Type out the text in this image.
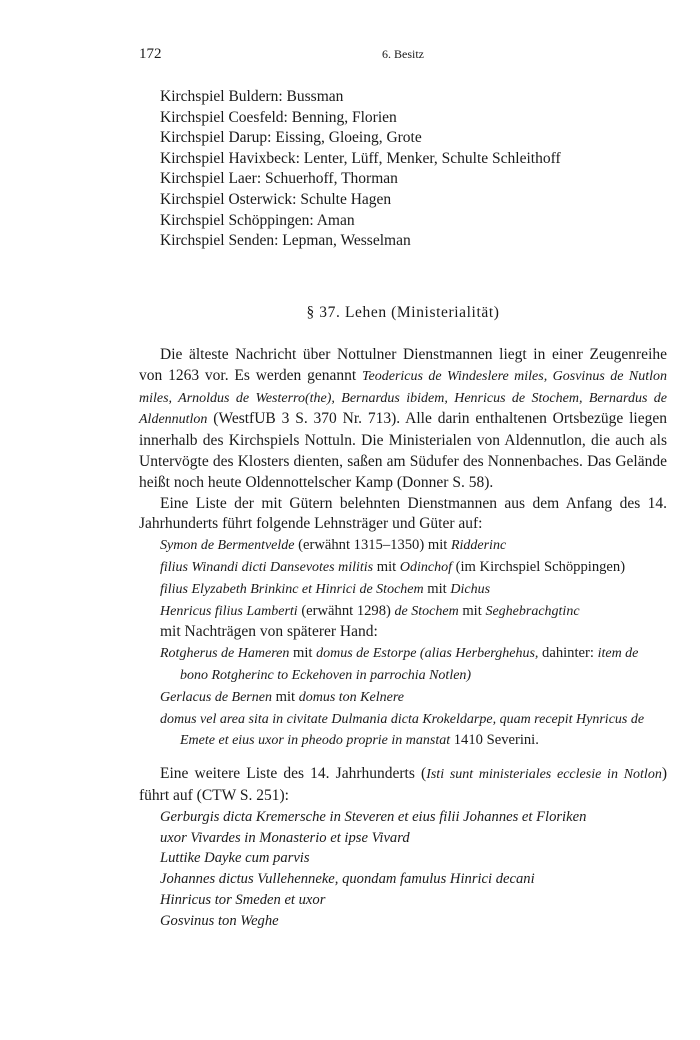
172	6. Besitz
Kirchspiel Buldern: Bussman
Kirchspiel Coesfeld: Benning, Florien
Kirchspiel Darup: Eissing, Gloeing, Grote
Kirchspiel Havixbeck: Lenter, Lüff, Menker, Schulte Schleithoff
Kirchspiel Laer: Schuerhoff, Thorman
Kirchspiel Osterwick: Schulte Hagen
Kirchspiel Schöppingen: Aman
Kirchspiel Senden: Lepman, Wesselman
§ 37. Lehen (Ministerialität)

Die älteste Nachricht über Nottulner Dienstmannen liegt in einer Zeugenreihe von 1263 vor. Es werden genannt Teodericus de Windeslere miles, Gosvinus de Nutlon miles, Arnoldus de Westerro(the), Bernardus ibidem, Henricus de Stochem, Bernardus de Aldennutlon (WestfUB 3 S. 370 Nr. 713). Alle darin enthaltenen Ortsbezüge liegen innerhalb des Kirchspiels Nottuln. Die Ministerialen von Aldennutlon, die auch als Untervögte des Klosters dienten, saßen am Südufer des Nonnenbaches. Das Gelände heißt noch heute Oldennottelscher Kamp (Donner S. 58).

Eine Liste der mit Gütern belehnten Dienstmannen aus dem Anfang des 14. Jahrhunderts führt folgende Lehnsträger und Güter auf:

Symon de Bermentvelde (erwähnt 1315–1350) mit Ridderinc
filius Winandi dicti Dansevotes militis mit Odinchof (im Kirchspiel Schöppingen)
filius Elyzabeth Brinkinc et Hinrici de Stochem mit Dichus
Henricus filius Lamberti (erwähnt 1298) de Stochem mit Seghebrachgtinc
mit Nachträgen von späterer Hand:
Rotgherus de Hameren mit domus de Estorpe (alias Herberghehus, dahinter: item de bono Rotgherinc to Eckehoven in parrochia Notlen)
Gerlacus de Bernen mit domus ton Kelnere
domus vel area sita in civitate Dulmania dicta Krokeldarpe, quam recepit Hynricus de Emete et eius uxor in pheodo proprie in manstat 1410 Severini.

Eine weitere Liste des 14. Jahrhunderts (Isti sunt ministeriales ecclesie in Notlon) führt auf (CTW S. 251):

Gerburgis dicta Kremersche in Steveren et eius filii Johannes et Floriken
uxor Vivardes in Monasterio et ipse Vivard
Luttike Dayke cum parvis
Johannes dictus Vullehenneke, quondam famulus Hinrici decani
Hinricus tor Smeden et uxor
Gosvinus ton Weghe
